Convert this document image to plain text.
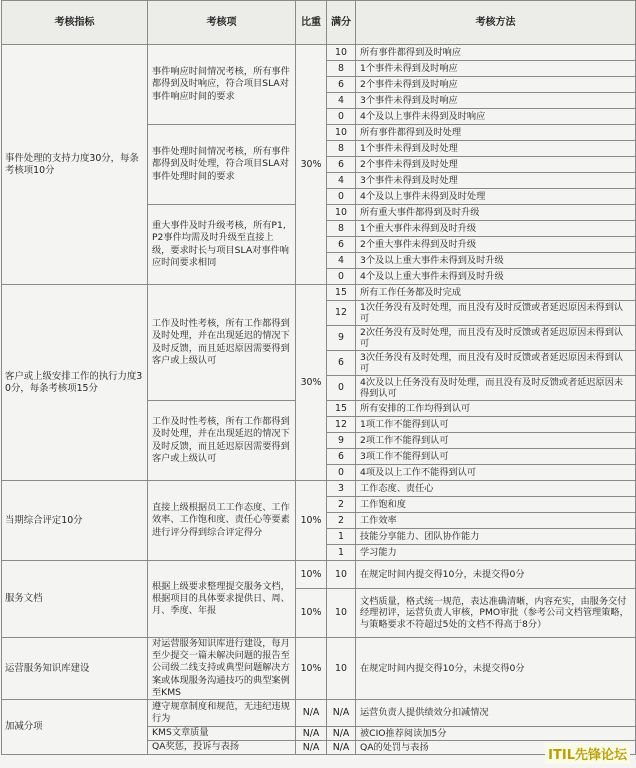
考核指标	考核项	比重	满分	考核方法
事件处理的支持力度30分，每条考核项10分	事件响应时间情况考核，所有事件都得到及时响应，符合项目SLA对事件响应时间的要求	30%	10	所有事件都得到及时响应
			8	1个事件未得到及时响应
			6	2个事件未得到及时响应
			4	3个事件未得到及时响应
			0	4个及以上事件未得到及时响应
	事件处理时间情况考核，所有事件都得到及时处理，符合项目SLA对事件处理时间的要求		10	所有事件都得到及时处理
			8	1个事件未得到及时处理
			6	2个事件未得到及时处理
			4	3个事件未得到及时处理
			0	4个及以上事件未得到及时处理
	重大事件及时升级考核，所有P1,P2事件均需及时升级至直接上级，要求时长与项目SLA对事件响应时间要求相同		10	所有重大事件都得到及时升级
			8	1个重大事件未得到及时升级
			6	2个重大事件未得到及时升级
			4	3个及以上重大事件未得到及时升级
			0	4个及以上重大事件未得到及时升级
客户或上级安排工作的执行力度30分，每条考核项15分	工作及时性考核，所有工作都得到及时处理，并在出现延迟的情况下及时反馈，而且延迟原因需要得到客户或上级认可	30%	15	所有工作任务都及时完成
			12	1次任务没有及时处理，而且没有及时反馈或者延迟原因未得到认可
			9	2次任务没有及时处理，而且没有及时反馈或者延迟原因未得到认可
			6	3次任务没有及时处理，而且没有及时反馈或者延迟原因未得到认可
			0	4次及以上任务没有及时处理，而且没有及时反馈或者延迟原因未得到认可
	工作及时性考核，所有工作都得到及时处理，并在出现延迟的情况下及时反馈，而且延迟原因需要得到客户或上级认可		15	所有安排的工作均得到认可
			12	1项工作不能得到认可
			9	2项工作不能得到认可
			6	3项工作不能得到认可
			0	4项及以上工作不能得到认可
当期综合评定10分	直接上级根据员工工作态度、工作效率、工作饱和度、责任心等要素进行评分得到综合评定得分	10%	3	工作态度、责任心
			2	工作饱和度
			2	工作效率
			1	技能分享能力、团队协作能力
			1	学习能力
服务文档	根据上级要求整理提交服务文档，根据项目的具体要求提供日、周、月、季度、年报	10%	10	在规定时间内提交得10分，未提交得0分
		10%	10	文档质量，格式统一规范，表达准确清晰，内容充实，由服务交付经理初评，运营负责人审核，PMO审批（参考公司文档管理策略，与策略要求不符超过5处的文档不得高于8分）
运营服务知识库建设	对运营服务知识库进行建设，每月至少提交一篇未解决问题的报告至公司级二线支持或典型问题解决方案或体现服务沟通技巧的典型案例至KMS	10%	10	在规定时间内提交得10分，未提交得0分
加减分项	遵守规章制度和规范，无违纪违规行为	N/A	N/A	运营负责人提供绩效分扣减情况
	KMS文章质量	N/A	N/A	被CIO推荐阅读加5分
	QA奖惩，投诉与表扬	N/A	N/A	QA的处罚与表扬
ITIL先锋论坛
